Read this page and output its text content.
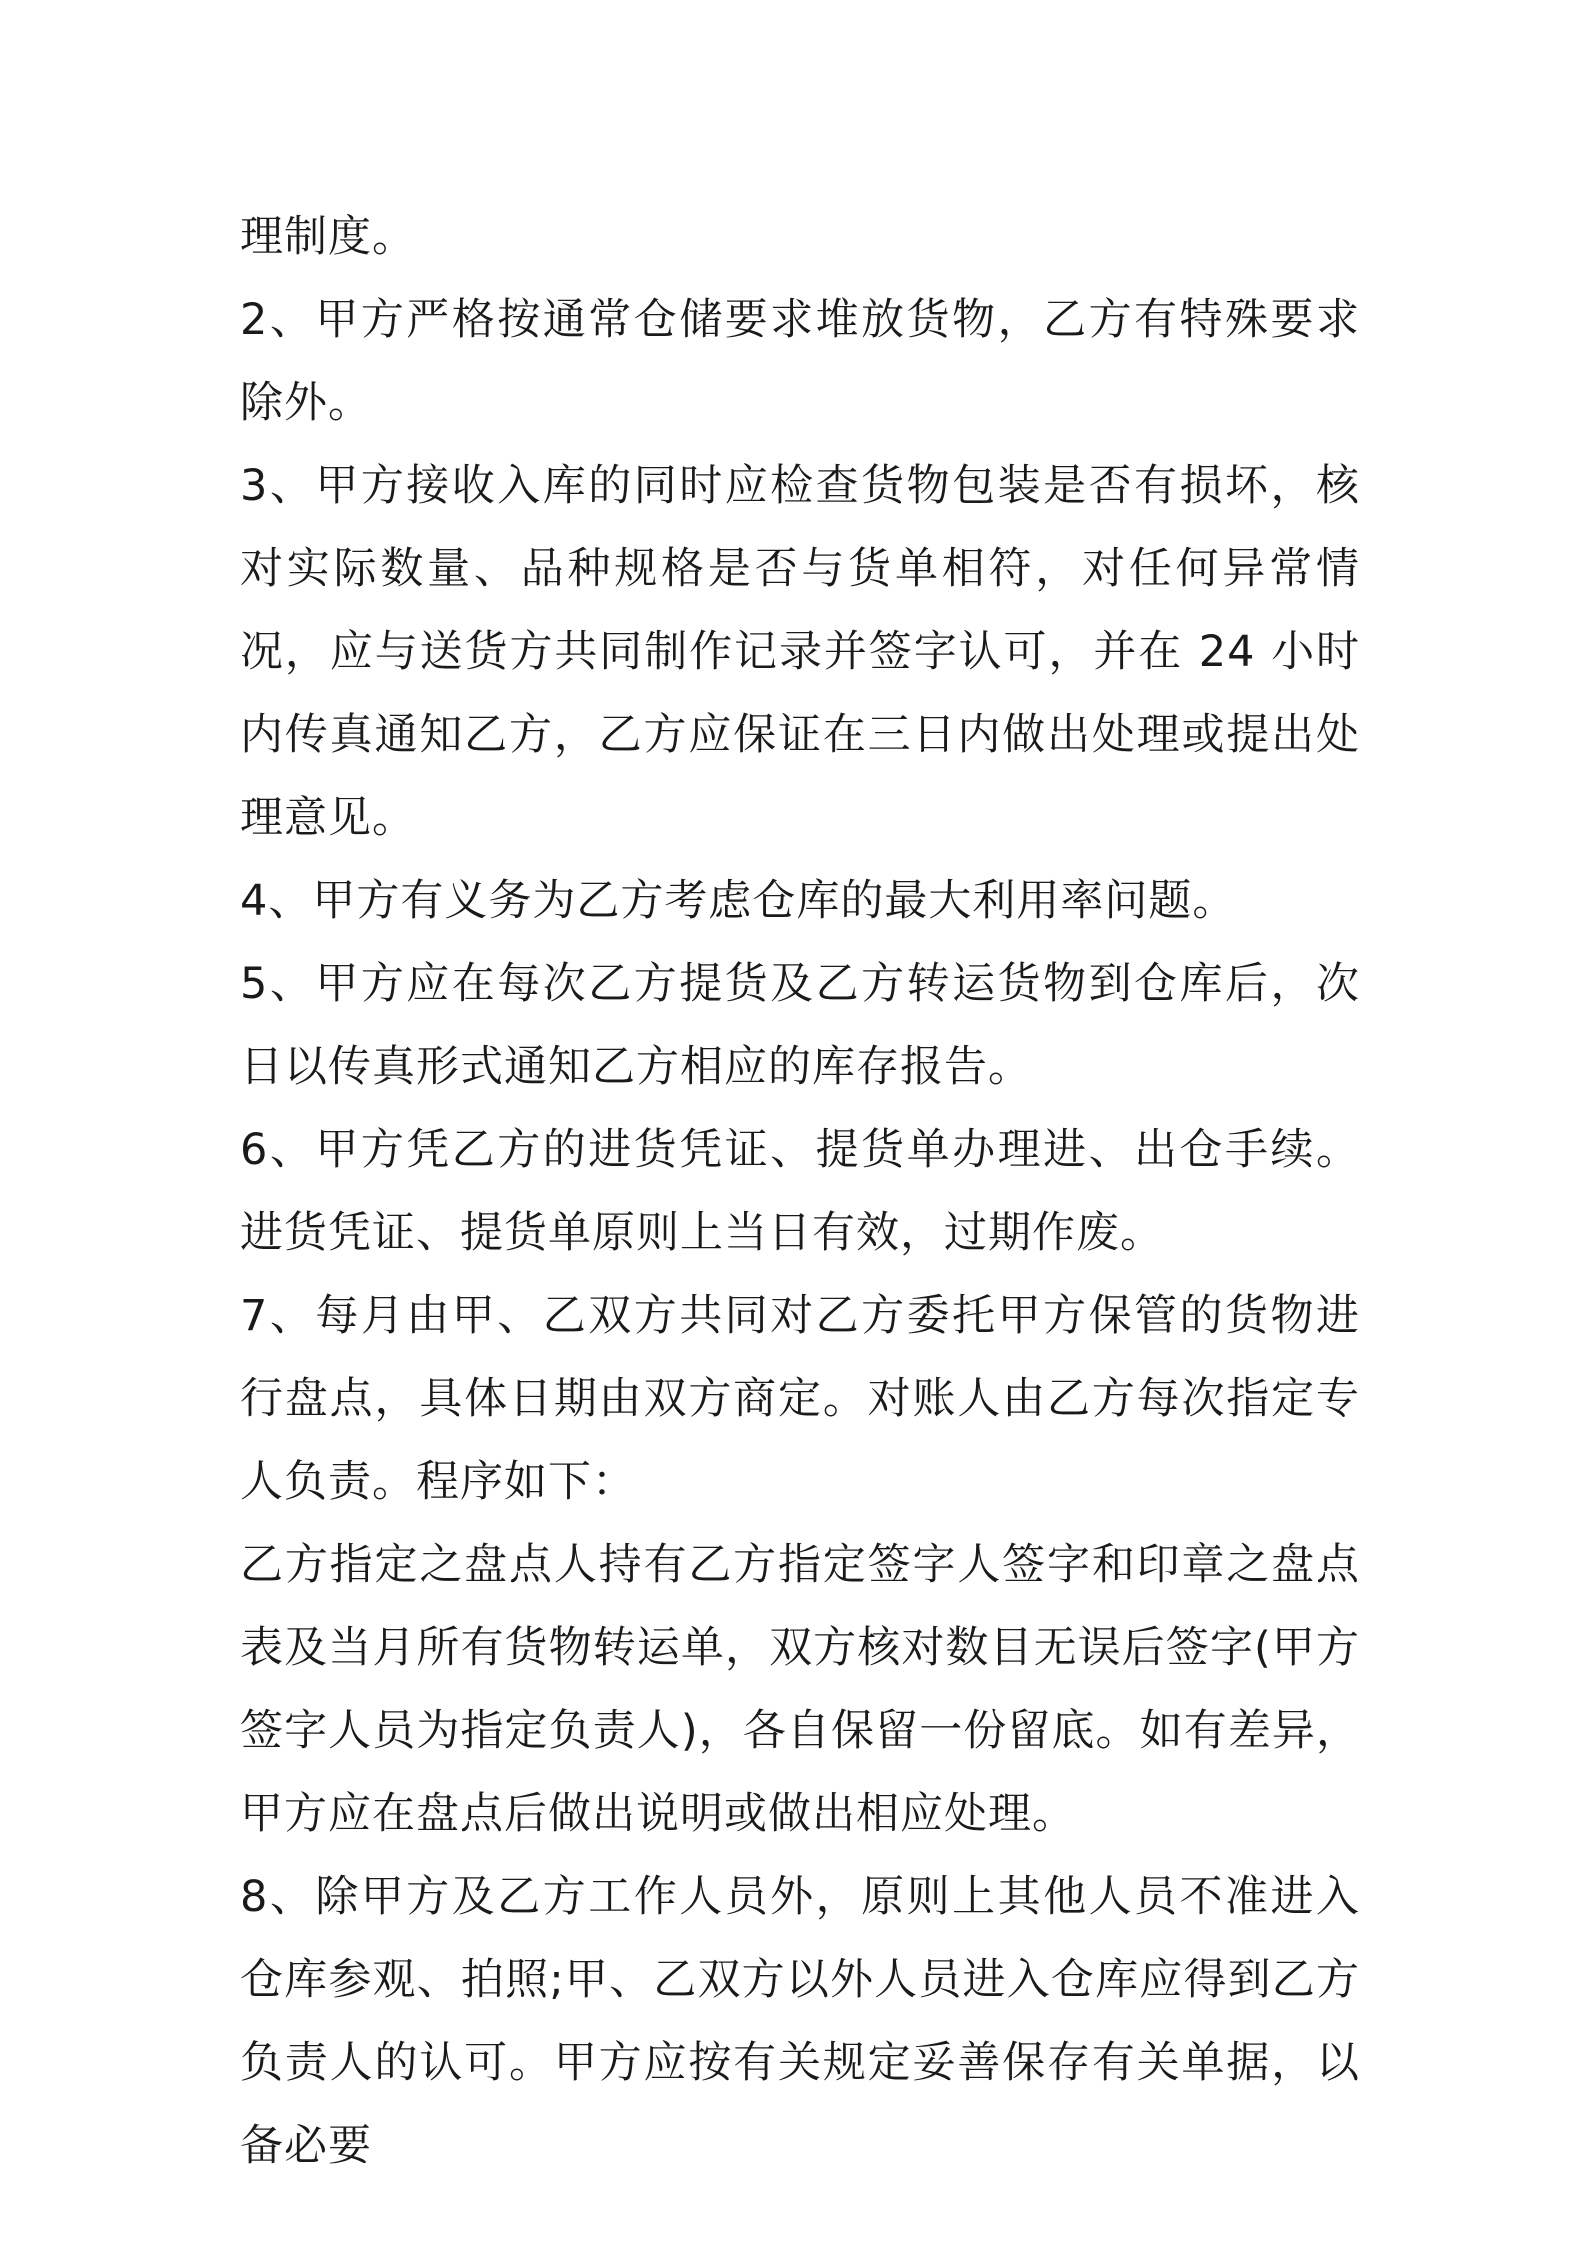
理制度。

2、甲方严格按通常仓储要求堆放货物，乙方有特殊要求除外。

3、甲方接收入库的同时应检查货物包装是否有损坏，核对实际数量、品种规格是否与货单相符，对任何异常情况，应与送货方共同制作记录并签字认可，并在 24 小时内传真通知乙方，乙方应保证在三日内做出处理或提出处理意见。

4、甲方有义务为乙方考虑仓库的最大利用率问题。

5、甲方应在每次乙方提货及乙方转运货物到仓库后，次日以传真形式通知乙方相应的库存报告。

6、甲方凭乙方的进货凭证、提货单办理进、出仓手续。进货凭证、提货单原则上当日有效，过期作废。

7、每月由甲、乙双方共同对乙方委托甲方保管的货物进行盘点，具体日期由双方商定。对账人由乙方每次指定专人负责。程序如下：

乙方指定之盘点人持有乙方指定签字人签字和印章之盘点表及当月所有货物转运单，双方核对数目无误后签字(甲方签字人员为指定负责人)，各自保留一份留底。如有差异，甲方应在盘点后做出说明或做出相应处理。

8、除甲方及乙方工作人员外，原则上其他人员不准进入仓库参观、拍照;甲、乙双方以外人员进入仓库应得到乙方负责人的认可。甲方应按有关规定妥善保存有关单据，以备必要
